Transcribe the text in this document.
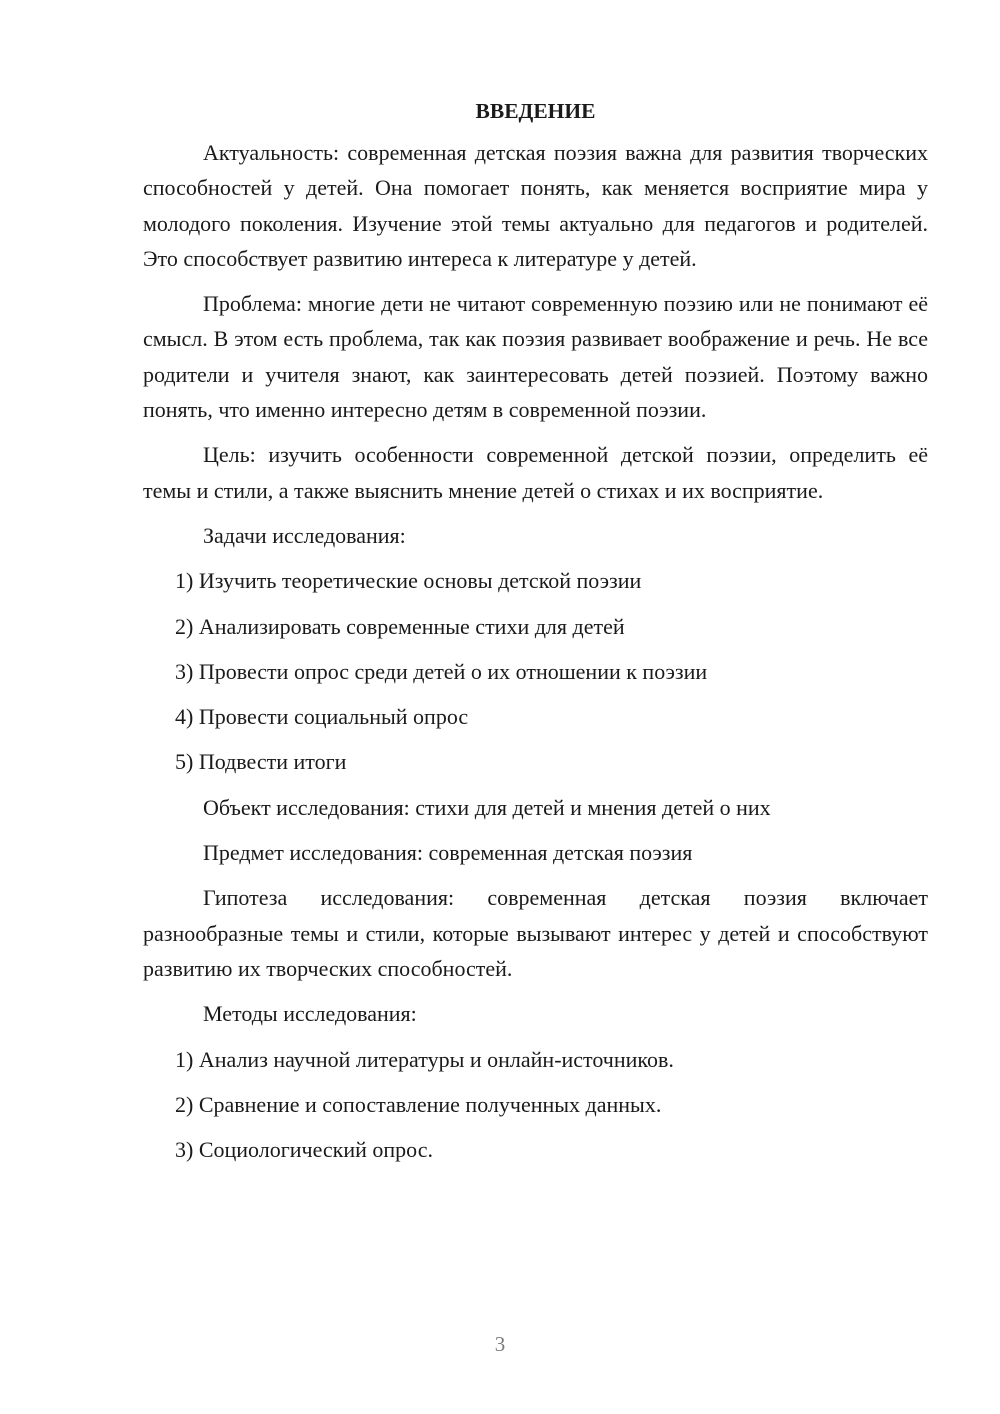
ВВЕДЕНИЕ

Актуальность: современная детская поэзия важна для развития творческих способностей у детей. Она помогает понять, как меняется восприятие мира у молодого поколения. Изучение этой темы актуально для педагогов и родителей. Это способствует развитию интереса к литературе у детей.

Проблема: многие дети не читают современную поэзию или не понимают её смысл. В этом есть проблема, так как поэзия развивает воображение и речь. Не все родители и учителя знают, как заинтересовать детей поэзией. Поэтому важно понять, что именно интересно детям в современной поэзии.

Цель: изучить особенности современной детской поэзии, определить её темы и стили, а также выяснить мнение детей о стихах и их восприятие.

Задачи исследования:
1) Изучить теоретические основы детской поэзии
2) Анализировать современные стихи для детей
3) Провести опрос среди детей о их отношении к поэзии
4) Провести социальный опрос
5) Подвести итоги
Объект исследования: стихи для детей и мнения детей о них
Предмет исследования: современная детская поэзия

Гипотеза исследования: современная детская поэзия включает разнообразные темы и стили, которые вызывают интерес у детей и способствуют развитию их творческих способностей.

Методы исследования:
1) Анализ научной литературы и онлайн-источников.
2) Сравнение и сопоставление полученных данных.
3) Социологический опрос.
3
